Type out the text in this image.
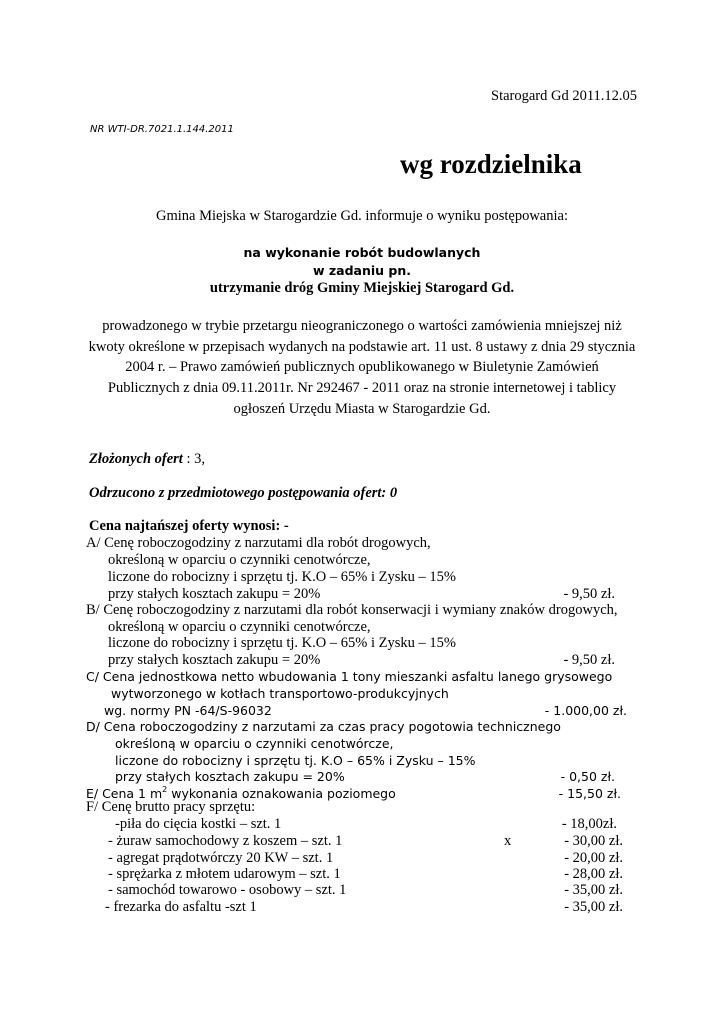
Starogard Gd 2011.12.05
NR WTI-DR.7021.1.144.2011
wg rozdzielnika
Gmina Miejska w Starogardzie Gd. informuje o wyniku postępowania:
na wykonanie robót budowlanych
w zadaniu pn.
utrzymanie dróg Gminy Miejskiej Starogard Gd.
prowadzonego w trybie przetargu nieograniczonego o wartości zamówienia mniejszej niż
kwoty określone w przepisach wydanych na podstawie art. 11 ust. 8 ustawy z dnia 29 stycznia
2004 r. – Prawo zamówień publicznych opublikowanego w Biuletynie Zamówień
Publicznych z dnia 09.11.2011r. Nr 292467 - 2011 oraz na stronie internetowej i tablicy
ogłoszeń Urzędu Miasta w Starogardzie Gd.
Złożonych ofert : 3,
Odrzucono z przedmiotowego postępowania ofert: 0
Cena najtańszej oferty wynosi: -
A/ Cenę roboczogodziny z narzutami dla robót drogowych,
określoną w oparciu o czynniki cenotwórcze,
liczone do robocizny i sprzętu tj. K.O – 65% i Zysku – 15%
przy stałych kosztach zakupu = 20%	- 9,50 zł.
B/ Cenę roboczogodziny z narzutami dla robót konserwacji i wymiany znaków drogowych,
określoną w oparciu o czynniki cenotwórcze,
liczone do robocizny i sprzętu tj. K.O – 65% i Zysku – 15%
przy stałych kosztach zakupu = 20%	- 9,50 zł.
C/ Cena jednostkowa netto wbudowania 1 tony mieszanki asfaltu lanego grysowego
wytworzonego w kotłach transportowo-produkcyjnych
wg. normy PN -64/S-96032	- 1.000,00 zł.
D/ Cena roboczogodziny z narzutami za czas pracy pogotowia technicznego
określoną w oparciu o czynniki cenotwórcze,
liczone do robocizny i sprzętu tj. K.O – 65% i Zysku – 15%
przy stałych kosztach zakupu = 20%	- 0,50 zł.
E/ Cena 1 $m^2$ wykonania oznakowania poziomego	- 15,50 zł.
F/ Cenę brutto pracy sprzętu:
-piła do cięcia kostki – szt. 1	- 18,00zł.
- żuraw samochodowy z koszem – szt. 1	x	- 30,00 zł.
- agregat prądotwórczy 20 KW – szt. 1	- 20,00 zł.
- sprężarka z młotem udarowym – szt. 1	- 28,00 zł.
- samochód towarowo - osobowy – szt. 1	- 35,00 zł.
- frezarka do asfaltu -szt 1	- 35,00 zł.
